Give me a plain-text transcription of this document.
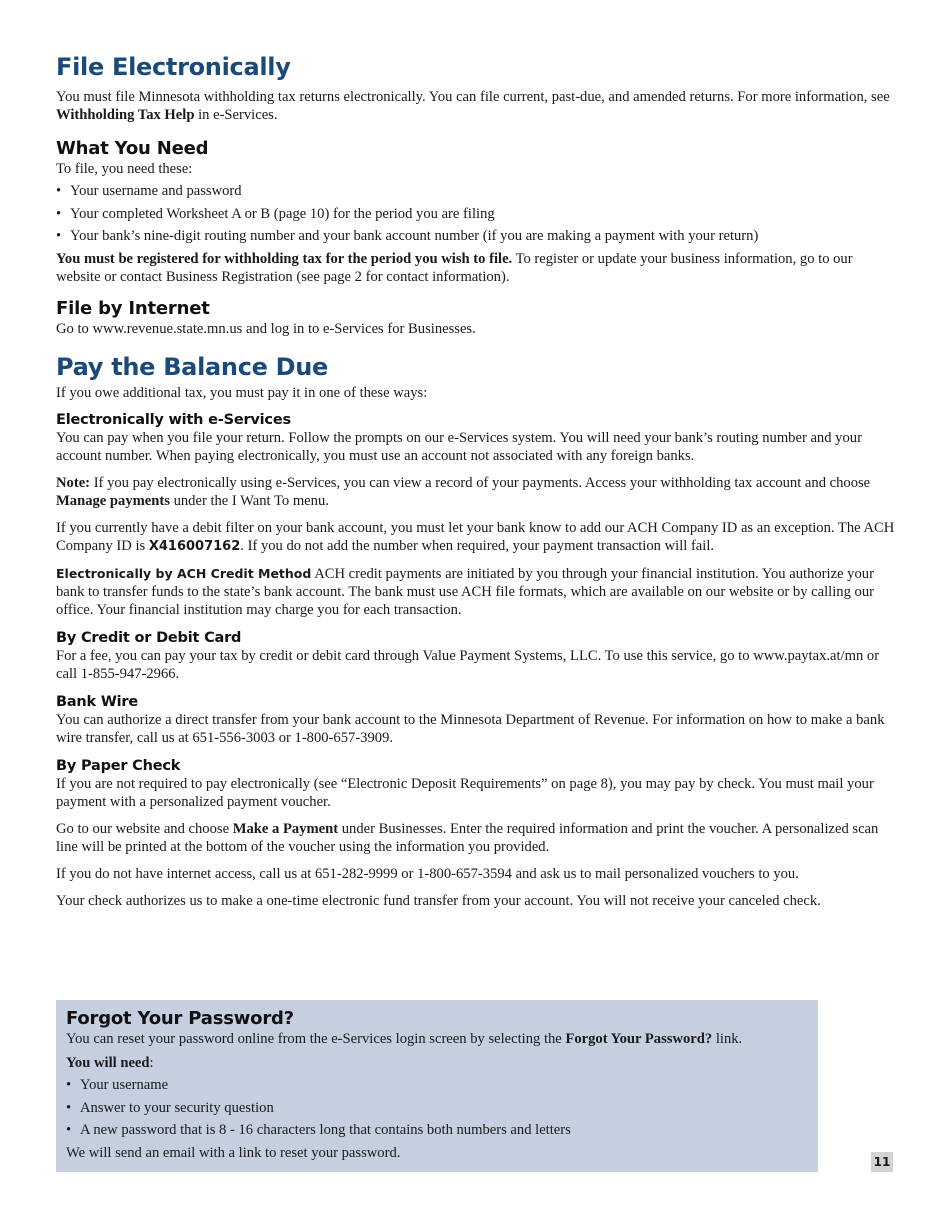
File Electronically

You must file Minnesota withholding tax returns electronically. You can file current, past-due, and amended returns. For more information, see Withholding Tax Help in e-Services.

What You Need
To file, you need these:
• Your username and password
• Your completed Worksheet A or B (page 10) for the period you are filing
• Your bank’s nine-digit routing number and your bank account number (if you are making a payment with your return)

You must be registered for withholding tax for the period you wish to file. To register or update your business information, go to our website or contact Business Registration (see page 2 for contact information).

File by Internet

Go to www.revenue.state.mn.us and log in to e-Services for Businesses.

Pay the Balance Due

If you owe additional tax, you must pay it in one of these ways:

Electronically with e-Services

You can pay when you file your return. Follow the prompts on our e-Services system. You will need your bank’s routing number and your account number. When paying electronically, you must use an account not associated with any foreign banks.

Note: If you pay electronically using e-Services, you can view a record of your payments. Access your withholding tax account and choose Manage payments under the I Want To menu.

If you currently have a debit filter on your bank account, you must let your bank know to add our ACH Company ID as an exception. The ACH Company ID is X416007162. If you do not add the number when required, your payment transaction will fail.

Electronically by ACH Credit Method ACH credit payments are initiated by you through your financial institution. You authorize your bank to transfer funds to the state’s bank account. The bank must use ACH file formats, which are available on our website or by calling our office. Your financial institution may charge you for each transaction.

By Credit or Debit Card

For a fee, you can pay your tax by credit or debit card through Value Payment Systems, LLC. To use this service, go to www.paytax.at/mn or call 1-855-947-2966.

Bank Wire

You can authorize a direct transfer from your bank account to the Minnesota Department of Revenue. For information on how to make a bank wire transfer, call us at 651-556-3003 or 1-800-657-3909.

By Paper Check

If you are not required to pay electronically (see “Electronic Deposit Requirements” on page 8), you may pay by check. You must mail your payment with a personalized payment voucher.

Go to our website and choose Make a Payment under Businesses. Enter the required information and print the voucher. A personalized scan line will be printed at the bottom of the voucher using the information you provided.

If you do not have internet access, call us at 651-282-9999 or 1-800-657-3594 and ask us to mail personalized vouchers to you.

Your check authorizes us to make a one-time electronic fund transfer from your account. You will not receive your canceled check.

Forgot Your Password?

You can reset your password online from the e-Services login screen by selecting the Forgot Your Password? link.

You will need:
• Your username
• Answer to your security question
• A new password that is 8 - 16 characters long that contains both numbers and letters
We will send an email with a link to reset your password.
11
